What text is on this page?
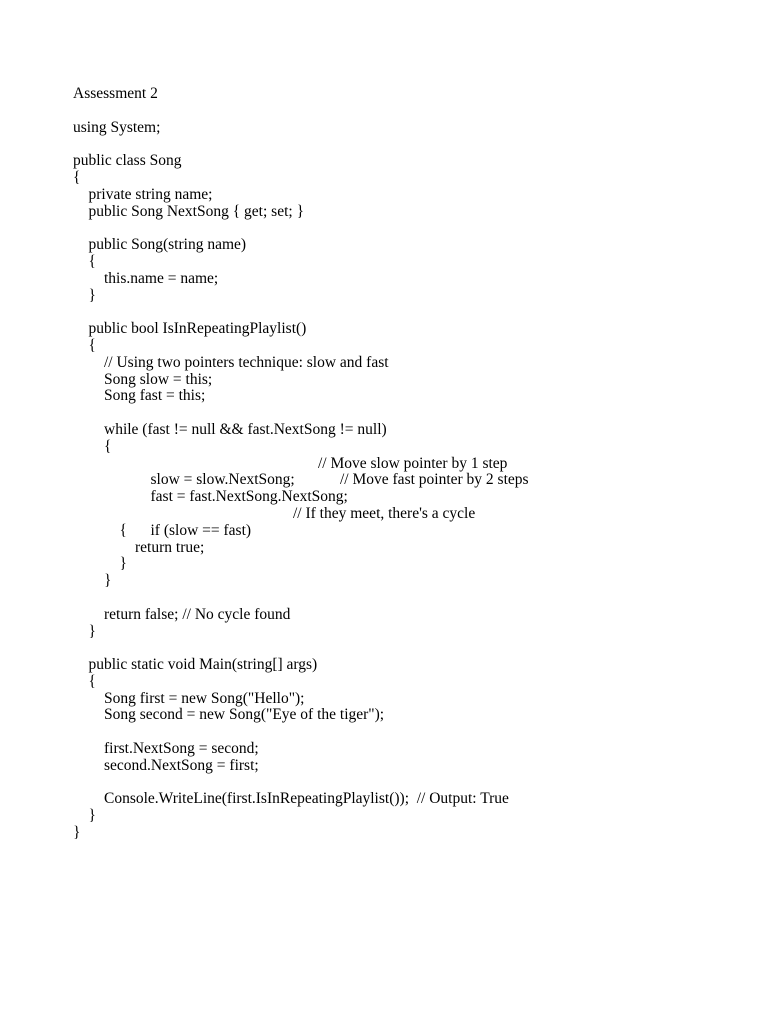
Assessment 2
using System;
public class Song
{
private string name;
public Song NextSong { get; set; }
public Song(string name)
{
this.name = name;
}
public bool IsInRepeatingPlaylist()
{
// Using two pointers technique: slow and fast
Song slow = this;
Song fast = this;
while (fast != null && fast.NextSong != null)
{

slow = slow.NextSong;

// Move slow pointer by 1 step

fast = fast.NextSong.NextSong;

// Move fast pointer by 2 steps

if (slow == fast)

// If they meet, there's a cycle

{
return true;
}
}
return false; // No cycle found
}
public static void Main(string[] args)
{
Song first = new Song("Hello");
Song second = new Song("Eye of the tiger");
first.NextSong = second;
second.NextSong = first;
Console.WriteLine(first.IsInRepeatingPlaylist());  // Output: True
}
}
